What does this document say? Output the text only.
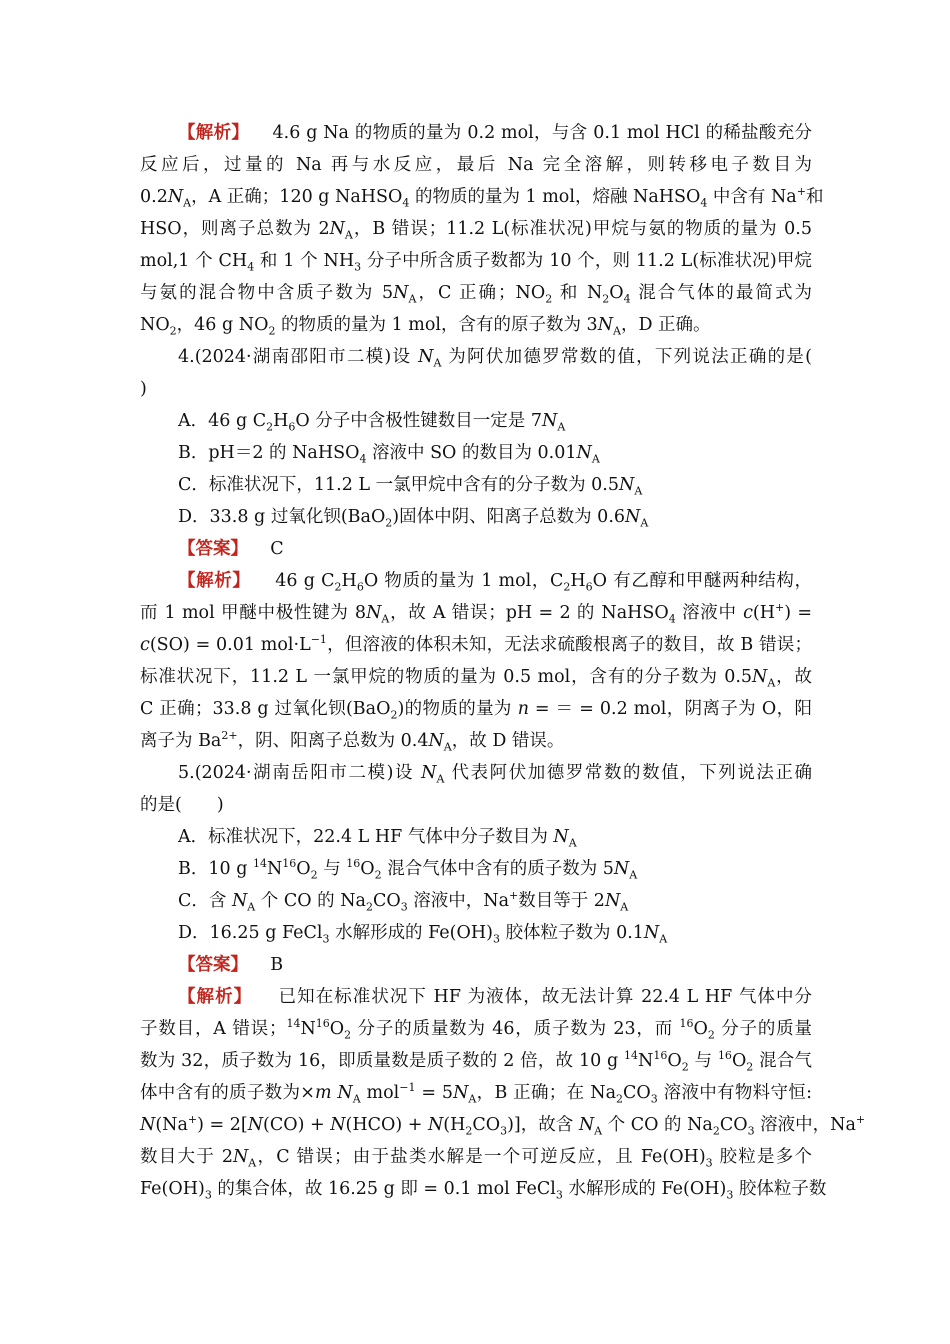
【解析】    4.6 g Na 的物质的量为 0.2 mol，与含 0.1 mol HCl 的稀盐酸充分
反应后，过量的 Na 再与水反应，最后 Na 完全溶解，则转移电子数目为
$0.2N_A$，A 正确；120 g NaHSO$_4$ 的物质的量为 1 mol，熔融 NaHSO$_4$ 中含有 Na+和
HSO，则离子总数为 $2N_A$，B 错误；11.2 L(标准状况)甲烷与氨的物质的量为 0.5
mol,1 个 $CH_4$ 和 1 个 $NH_3$ 分子中所含质子数都为 10 个，则 11.2 L(标准状况)甲烷
与氨的混合物中含质子数为 $5N_A$，C 正确；$NO_2$ 和 $N_2O_4$ 混合气体的最简式为
$NO_2$，46 g $NO_2$ 的物质的量为 1 mol，含有的原子数为 $3N_A$，D 正确。
4.(2024·湖南邵阳市二模)设 $N_A$ 为阿伏加德罗常数的值，下列说法正确的是(
)
A．46 g $C_2H_6O$ 分子中含极性键数目一定是 $7N_A$
B．pH＝2 的 NaHSO$_4$ 溶液中 SO 的数目为 $0.01N_A$
C．标准状况下，11.2 L 一氯甲烷中含有的分子数为 $0.5N_A$
D．33.8 g 过氧化钡(BaO$_2$)固体中阴、阳离子总数为 $0.6N_A$
【答案】 C
【解析】    46 g $C_2H_6O$ 物质的量为 1 mol，$C_2H_6O$ 有乙醇和甲醚两种结构，
而 1 mol 甲醚中极性键为 $8N_A$，故 A 错误；pH = 2 的 NaHSO$_4$ 溶液中 c(H+) =
c(SO) = 0.01 $mol\cdot L^{-1}$，但溶液的体积未知，无法求硫酸根离子的数目，故 B 错误；
标准状况下，11.2 L 一氯甲烷的物质的量为 0.5 mol，含有的分子数为 $0.5N_A$，故
C 正确；33.8 g 过氧化钡(BaO$_2$)的物质的量为 n = ＝ = 0.2 mol，阴离子为 O，阳
离子为 $Ba^{2+}$，阴、阳离子总数为 $0.4N_A$，故 D 错误。
5.(2024·湖南岳阳市二模)设 $N_A$ 代表阿伏加德罗常数的数值，下列说法正确
的是(　　)
A．标准状况下，22.4 L HF 气体中分子数目为 $N_A$
B．10 g $^{14}N^{16}O_2$ 与 $^{16}O_2$ 混合气体中含有的质子数为 $5N_A$
C．含 $N_A$ 个 CO 的 $Na_2CO_3$ 溶液中，Na+数目等于 $2N_A$
D．16.25 g FeCl$_3$ 水解形成的 $Fe(OH)_3$ 胶体粒子数为 $0.1N_A$
【答案】 B
【解析】    已知在标准状况下 HF 为液体，故无法计算 22.4 L HF 气体中分
子数目，A 错误；$^{14}N^{16}O_2$ 分子的质量数为 46，质子数为 23，而 $^{16}O_2$ 分子的质量
数为 32，质子数为 16，即质量数是质子数的 2 倍，故 10 g $^{14}N^{16}O_2$ 与 $^{16}O_2$ 混合气
体中含有的质子数为×m $N_A$ $mol^{-1} = 5N_A$，B 正确；在 $Na_2CO_3$ 溶液中有物料守恒:
$N(Na^+) = 2[N(CO) + N(HCO) + N(H_2CO_3)]$，故含 $N_A$ 个 CO 的 $Na_2CO_3$ 溶液中，Na+
数目大于 $2N_A$，C 错误；由于盐类水解是一个可逆反应，且 $Fe(OH)_3$ 胶粒是多个
$Fe(OH)_3$ 的集合体，故 16.25 g 即 = 0.1 mol FeCl$_3$ 水解形成的 $Fe(OH)_3$ 胶体粒子数
